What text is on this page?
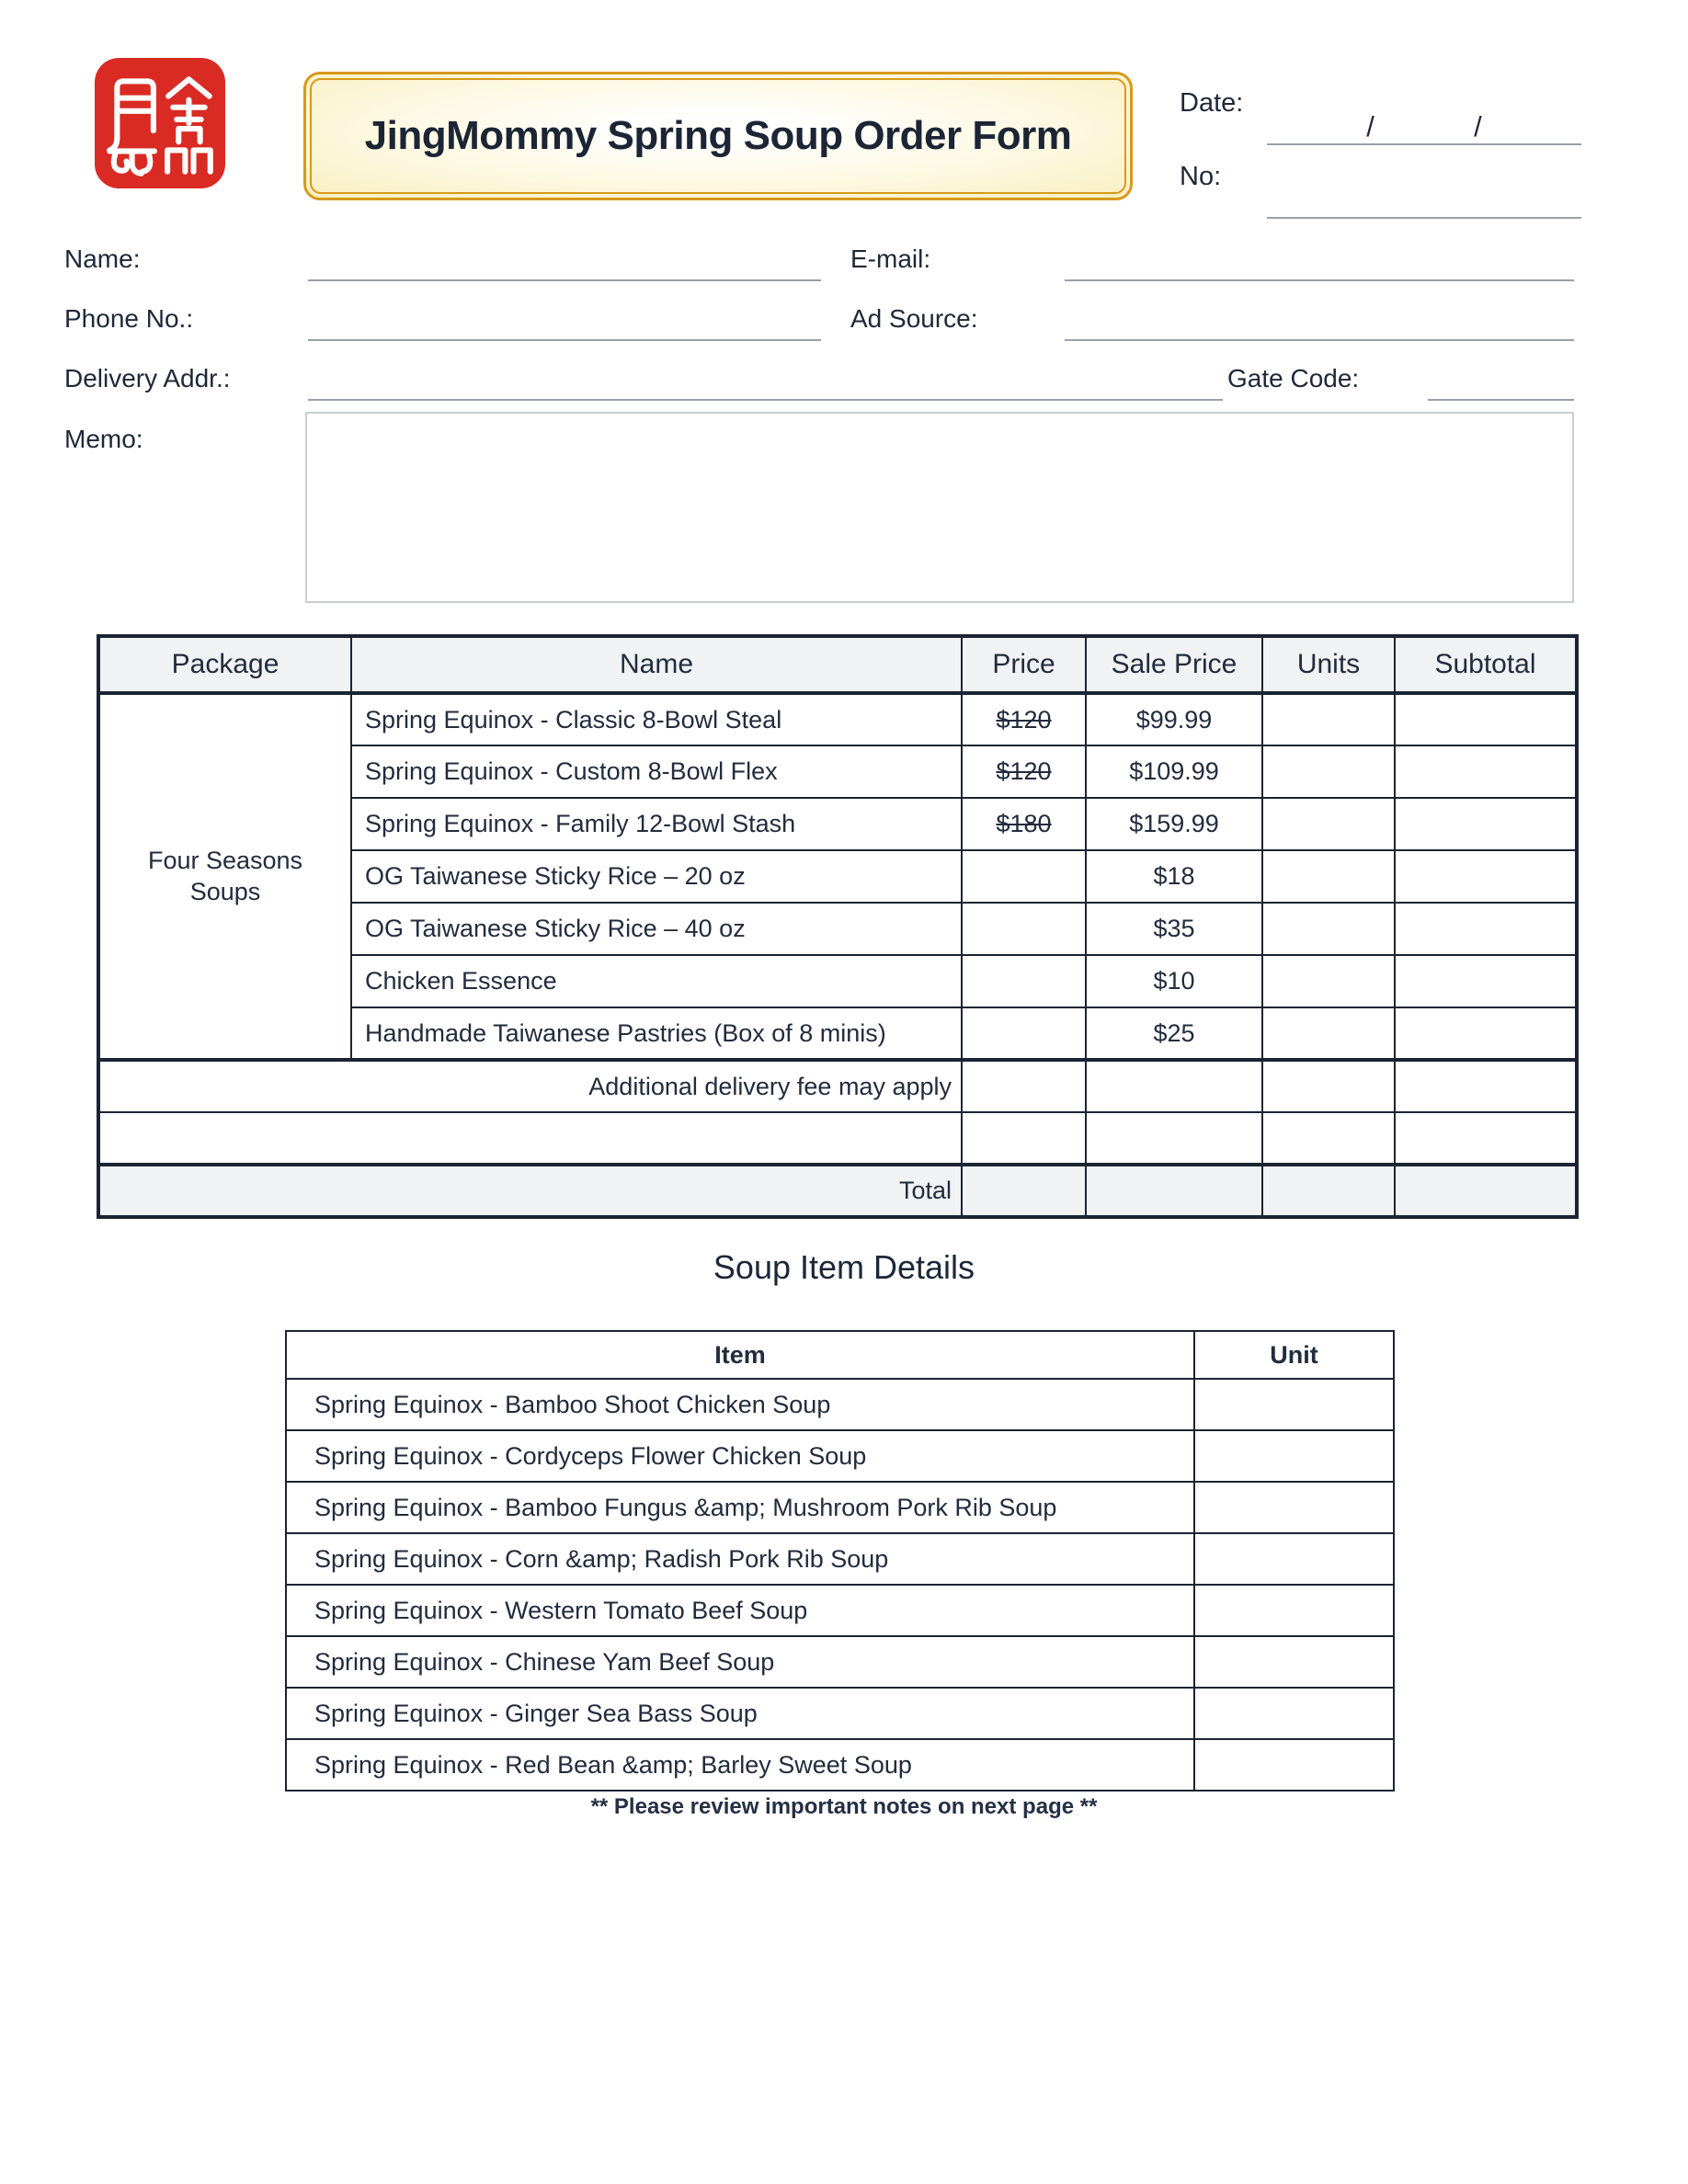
JingMommy Spring Soup Order Form
Date:
/	/
No:
Name:	E-mail:
Phone No.:	Ad Source:
Delivery Addr.:	Gate Code:
Memo:
Package	Name	Price	Sale Price	Units	Subtotal
Four Seasons Soups	Spring Equinox - Classic 8-Bowl Steal	$120	$99.99		
	Spring Equinox - Custom 8-Bowl Flex	$120	$109.99		
	Spring Equinox - Family 12-Bowl Stash	$180	$159.99		
	OG Taiwanese Sticky Rice – 20 oz		$18		
	OG Taiwanese Sticky Rice – 40 oz		$35		
	Chicken Essence		$10		
	Handmade Taiwanese Pastries (Box of 8 minis)		$25		
Additional delivery fee may apply					

Total					
Soup Item Details
Item	Unit
Spring Equinox - Bamboo Shoot Chicken Soup	
Spring Equinox - Cordyceps Flower Chicken Soup	
Spring Equinox - Bamboo Fungus &amp; Mushroom Pork Rib Soup	
Spring Equinox - Corn &amp; Radish Pork Rib Soup	
Spring Equinox - Western Tomato Beef Soup	
Spring Equinox - Chinese Yam Beef Soup	
Spring Equinox - Ginger Sea Bass Soup	
Spring Equinox - Red Bean &amp; Barley Sweet Soup	
** Please review important notes on next page **
